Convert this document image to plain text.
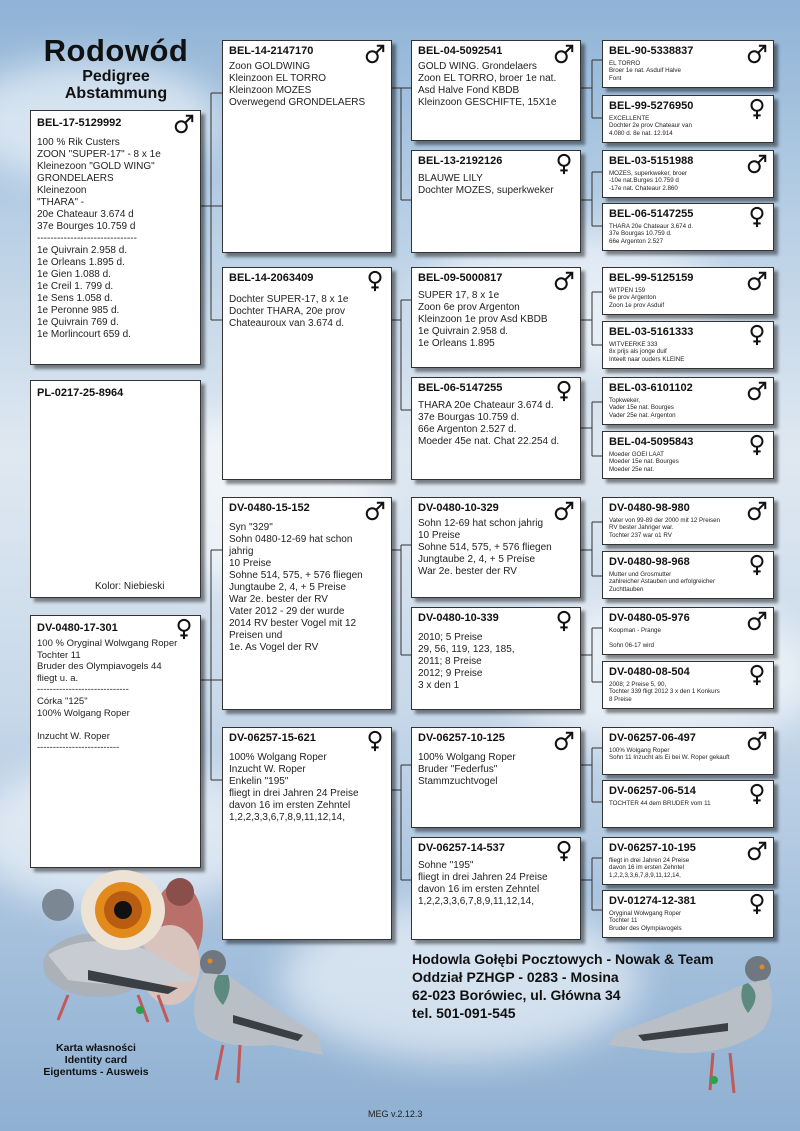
Rodowód
Pedigree
Abstammung
BEL-17-5129992
100 % Rik Custers
ZOON "SUPER-17" - 8 x 1e
Kleinezoon "GOLD WING"
GRONDELAERS
Kleinezoon
"THARA" -
20e Chateaur 3.674 d
37e Bourges 10.759 d
------------------------------
1e Quivrain 2.958 d.
1e Orleans 1.895 d.
1e Gien 1.088 d.
1e Creil 1. 799 d.
1e Sens 1.058 d.
1e Peronne 985 d.
1e Quivrain 769 d.
1e Morlincourt 659 d.
PL-0217-25-8964
Kolor: Niebieski
DV-0480-17-301
100 % Oryginal Wolwgang Roper
Tochter 11
Bruder des Olympiavogels 44
fliegt u. a.
-----------------------------
Córka "125"
100% Wolgang Roper

Inzucht W. Roper
--------------------------
BEL-14-2147170
Zoon GOLDWING
Kleinzoon EL TORRO
Kleinzoon MOZES
Overwegend GRONDELAERS
BEL-14-2063409
Dochter SUPER-17, 8 x 1e
Dochter THARA, 20e prov
Chateauroux van 3.674 d.
DV-0480-15-152
Syn "329"
Sohn 0480-12-69 hat schon
jahrig
10 Preise
Sohne 514, 575, + 576 fliegen
Jungtaube 2, 4, + 5 Preise
War 2e. bester der RV
Vater 2012 - 29 der wurde
2014 RV bester Vogel mit 12
Preisen und
1e. As Vogel der RV
DV-06257-15-621
100% Wolgang Roper
Inzucht W. Roper
Enkelin "195"
fliegt in drei Jahren 24 Preise
davon 16 im ersten Zehntel
1,2,2,3,3,6,7,8,9,11,12,14,
BEL-04-5092541
GOLD WING. Grondelaers
Zoon EL TORRO, broer 1e nat.
Asd Halve Fond KBDB
Kleinzoon GESCHIFTE, 15X1e
BEL-13-2192126
BLAUWE LILY
Dochter MOZES, superkweker
BEL-09-5000817
SUPER 17, 8 x 1e
Zoon 6e prov Argenton
Kleinzoon 1e prov Asd KBDB
1e Quivrain 2.958 d.
1e Orleans 1.895
BEL-06-5147255
THARA 20e Chateaur 3.674 d.
37e Bourgas 10.759 d.
66e Argenton 2.527 d.
Moeder 45e nat. Chat 22.254 d.
DV-0480-10-329
Sohn 12-69 hat schon jahrig
10 Preise
Sohne 514, 575, + 576 fliegen
Jungtaube 2, 4, + 5 Preise
War 2e. bester der RV
DV-0480-10-339
2010; 5 Preise
29, 56, 119, 123, 185,
2011; 8 Preise
2012; 9 Preise
3 x den 1
DV-06257-10-125
100% Wolgang Roper
Bruder "Federfus"
Stammzuchtvogel
DV-06257-14-537
Sohne "195"
fliegt in drei Jahren 24 Preise
davon 16 im ersten Zehntel
1,2,2,3,3,6,7,8,9,11,12,14,
BEL-90-5338837
EL TORRO
Broer 1e nat. Asduif Halve
Font
BEL-99-5276950
EXCELLENTE
Dochter 2e prov Chateaur van
4.080 d. 8e nat. 12.914
BEL-03-5151988
MOZES, superkweker, broer
-10e nat.Burges 10.759 d
-17e nat. Chateaur 2.860
BEL-06-5147255
THARA 20e Chateaur 3.674 d.
37e Bourgas 10.759 d.
66e Argenton 2.527
BEL-99-5125159
WITPEN 159
6e prov Argenton
Zoon 1e prov Asduif
BEL-03-5161333
WITVEERKE 333
8x prijs als jonge duif
Inteelt naar ouders KLEINE
BEL-03-6101102
Topkweker,
Vader 15e nat. Bourges
Vader 25e nat. Argenton
BEL-04-5095843
Moeder GOEI LAAT
Moeder 15e nat. Bourges
Moeder 25e nat.
DV-0480-98-980
Vater von 99-89 der 2000 mit 12 Preisen
RV bester Jahriger war.
Tochter 237 war o1 RV
DV-0480-98-968
Mutter und Grosmutter
zahlreicher Astauben und erfolgreicher
Zuchttauben
DV-0480-05-976
Koopman - Prange

Sohn 06-17 wird
DV-0480-08-504
2008; 2 Preise 5, 90,
Tochter 339 fligt 2012 3 x den 1 Konkurs
8 Preise
DV-06257-06-497
100% Wolgang Roper
Sohn 11 Inzucht als Ei bei W. Roper gekauft
DV-06257-06-514
TOCHTER 44 dem BRUDER vom 11
DV-06257-10-195
fliegt in drei Jahren 24 Preise
davon 16 im ersten Zehntel
1,2,2,3,3,6,7,8,9,11,12,14,
DV-01274-12-381
Oryginal Wolwgang Roper
Tochter 11
Bruder des Olympiavogels
Hodowla Gołębi Pocztowych - Nowak & Team
Oddział PZHGP - 0283 - Mosina
62-023 Borówiec, ul. Główna 34
tel. 501-091-545
Karta własności
Identity card
Eigentums - Ausweis
MEG v.2.12.3
